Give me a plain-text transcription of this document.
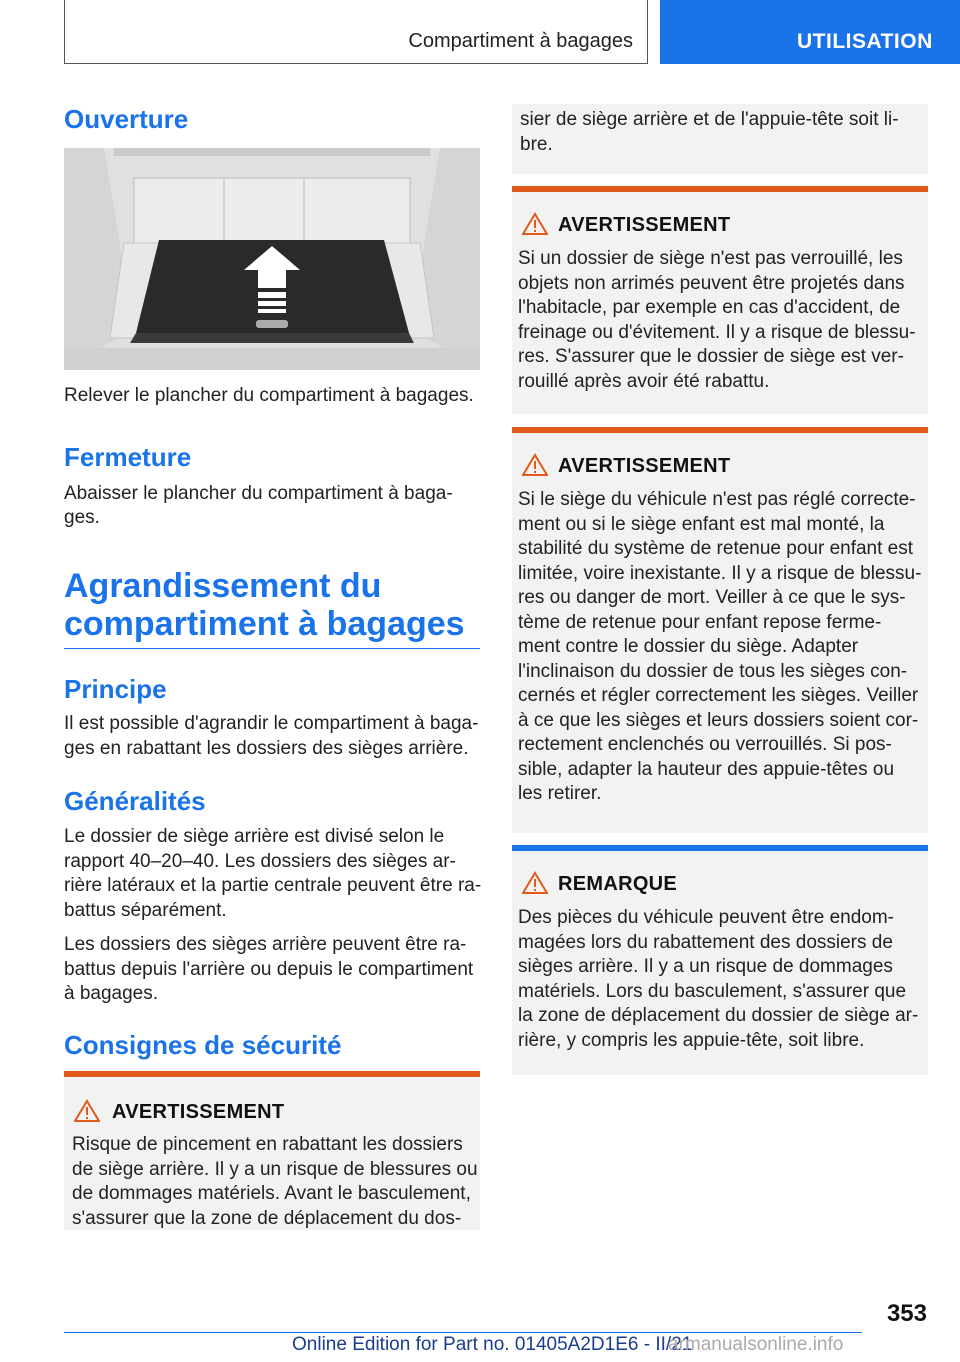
Compartiment à bagages	UTILISATION
Ouverture
Relever le plancher du compartiment à bagages.
Fermeture
Abaisser le plancher du compartiment à baga-
ges.
Agrandissement du
compartiment à bagages
Principe
Il est possible d'agrandir le compartiment à baga-
ges en rabattant les dossiers des sièges arrière.
Généralités
Le dossier de siège arrière est divisé selon le
rapport 40–20–40. Les dossiers des sièges ar-
rière latéraux et la partie centrale peuvent être ra-
battus séparément.
Les dossiers des sièges arrière peuvent être ra-
battus depuis l'arrière ou depuis le compartiment
à bagages.
Consignes de sécurité
AVERTISSEMENT
Risque de pincement en rabattant les dossiers
de siège arrière. Il y a un risque de blessures ou
de dommages matériels. Avant le basculement,
s'assurer que la zone de déplacement du dos-
sier de siège arrière et de l'appuie-tête soit li-
bre.
AVERTISSEMENT
Si un dossier de siège n'est pas verrouillé, les
objets non arrimés peuvent être projetés dans
l'habitacle, par exemple en cas d'accident, de
freinage ou d'évitement. Il y a risque de blessu-
res. S'assurer que le dossier de siège est ver-
rouillé après avoir été rabattu.
AVERTISSEMENT
Si le siège du véhicule n'est pas réglé correcte-
ment ou si le siège enfant est mal monté, la
stabilité du système de retenue pour enfant est
limitée, voire inexistante. Il y a risque de blessu-
res ou danger de mort. Veiller à ce que le sys-
tème de retenue pour enfant repose ferme-
ment contre le dossier du siège. Adapter
l'inclinaison du dossier de tous les sièges con-
cernés et régler correctement les sièges. Veiller
à ce que les sièges et leurs dossiers soient cor-
rectement enclenchés ou verrouillés. Si pos-
sible, adapter la hauteur des appuie-têtes ou
les retirer.
REMARQUE
Des pièces du véhicule peuvent être endom-
magées lors du rabattement des dossiers de
sièges arrière. Il y a un risque de dommages
matériels. Lors du basculement, s'assurer que
la zone de déplacement du dossier de siège ar-
rière, y compris les appuie-tête, soit libre.
353
Online Edition for Part no. 01405A2D1E6 - II/21
armanualsonline.info
